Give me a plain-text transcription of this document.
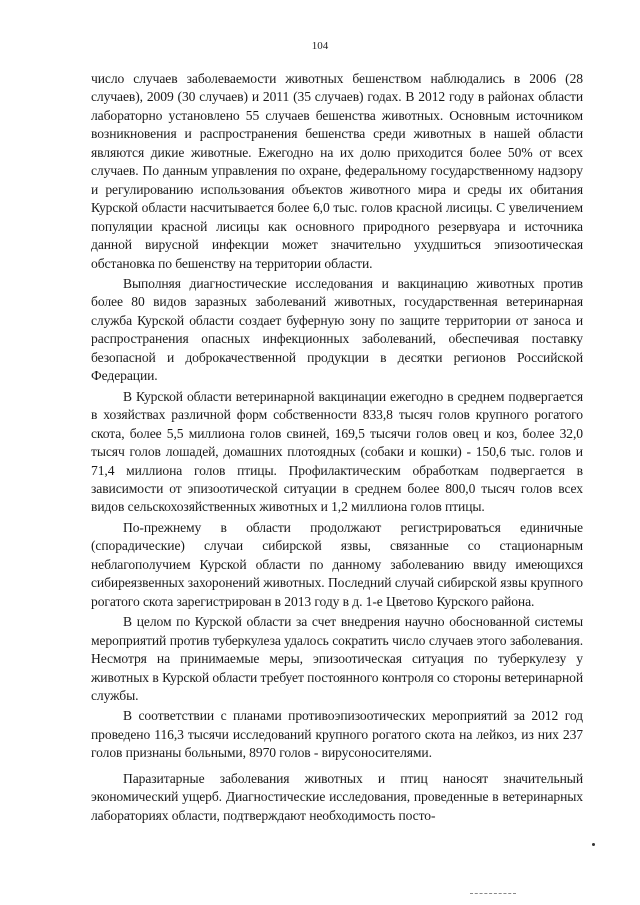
104

число случаев заболеваемости животных бешенством наблюдались в 2006 (28 случаев), 2009 (30 случаев) и 2011 (35 случаев) годах. В 2012 году в районах области лабораторно установлено 55 случаев бешенства животных. Основным источником возникновения и распространения бешенства среди животных в нашей области являются дикие животные. Ежегодно на их долю приходится более 50% от всех случаев. По данным управления по охране, федеральному государственному надзору и регулированию использования объектов животного мира и среды их обитания Курской области насчитывается более 6,0 тыс. голов красной лисицы. С увеличением популяции красной лисицы как основного природного резервуара и источника данной вирусной инфекции может значительно ухудшиться эпизоотическая обстановка по бешенству на территории области.

Выполняя диагностические исследования и вакцинацию животных против более 80 видов заразных заболеваний животных, государственная ветеринарная служба Курской области создает буферную зону по защите территории от заноса и распространения опасных инфекционных заболеваний, обеспечивая поставку безопасной и доброкачественной продукции в десятки регионов Российской Федерации.

В Курской области ветеринарной вакцинации ежегодно в среднем подвергается в хозяйствах различной форм собственности 833,8 тысяч голов крупного рогатого скота, более 5,5 миллиона голов свиней, 169,5 тысячи голов овец и коз, более 32,0 тысяч голов лошадей, домашних плотоядных (собаки и кошки) - 150,6 тыс. голов и 71,4 миллиона голов птицы. Профилактическим обработкам подвергается в зависимости от эпизоотической ситуации в среднем более 800,0 тысяч голов всех видов сельскохозяйственных животных и 1,2 миллиона голов птицы.

По-прежнему в области продолжают регистрироваться единичные (спорадические) случаи сибирской язвы, связанные со стационарным неблагополучием Курской области по данному заболеванию ввиду имеющихся сибиреязвенных захоронений животных. Последний случай сибирской язвы крупного рогатого скота зарегистрирован в 2013 году в д. 1-е Цветово Курского района.

В целом по Курской области за счет внедрения научно обоснованной системы мероприятий против туберкулеза удалось сократить число случаев этого заболевания. Несмотря на принимаемые меры, эпизоотическая ситуация по туберкулезу у животных в Курской области требует постоянного контроля со стороны ветеринарной службы.

В соответствии с планами противоэпизоотических мероприятий за 2012 год проведено 116,3 тысячи исследований крупного рогатого скота на лейкоз, из них 237 голов признаны больными, 8970 голов - вирусоносителями.

Паразитарные заболевания животных и птиц наносят значительный экономический ущерб. Диагностические исследования, проведенные в ветеринарных лабораториях области, подтверждают необходимость посто-
